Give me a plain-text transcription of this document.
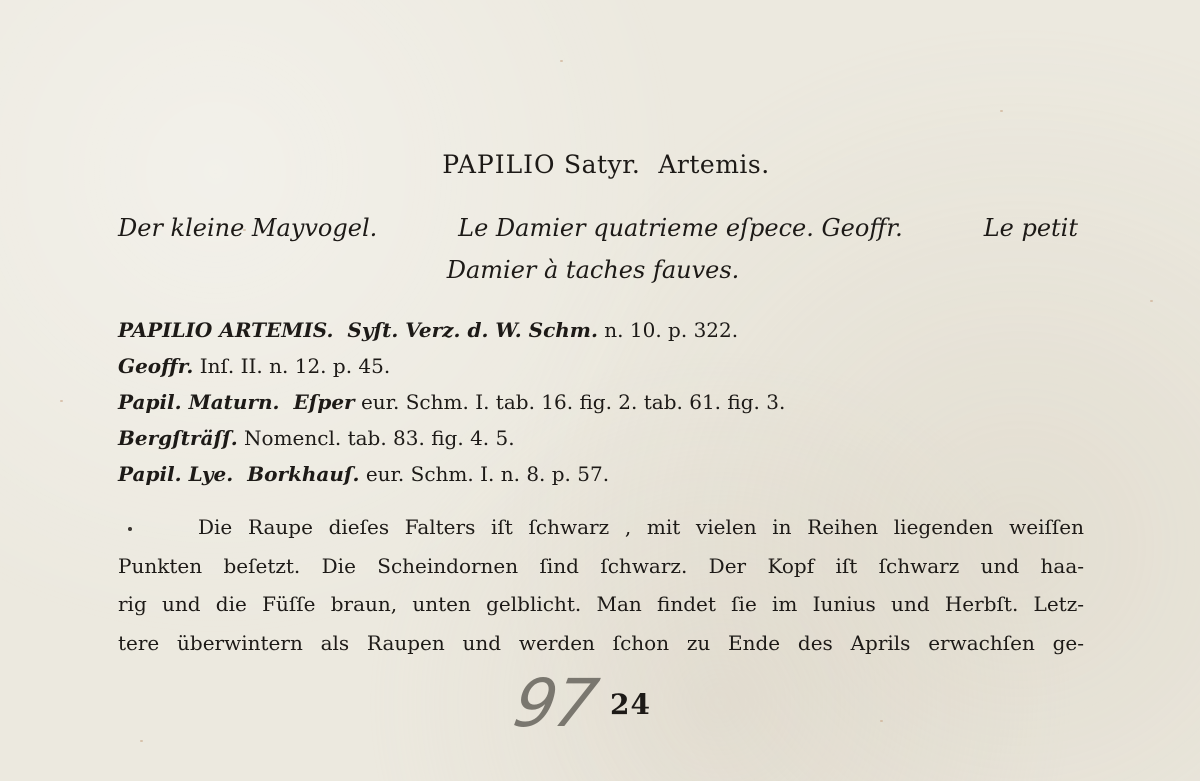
PAPILIO Satyr. Artemis.
Der kleine Mayvogel.	Le Damier quatrieme eſpece. Geoffr.	Le petit
Damier à taches fauves.
PAPILIO ARTEMIS. Syſt. Verz. d. W. Schm. n. 10. p. 322.
Geoffr. Inſ. II. n. 12. p. 45.
Papil. Maturn. Eſper eur. Schm. I. tab. 16. fig. 2. tab. 61. fig. 3.
Bergſträſſ. Nomencl. tab. 83. fig. 4. 5.
Papil. Lye. Borkhauſ. eur. Schm. I. n. 8. p. 57.
Die Raupe dieſes Falters iſt ſchwarz , mit vielen in Reihen liegenden weiſſen
Punkten beſetzt. Die Scheindornen ſind ſchwarz. Der Kopf iſt ſchwarz und haa-
rig und die Füſſe braun, unten gelblicht. Man findet ſie im Iunius und Herbſt. Letz-
tere überwintern als Raupen und werden ſchon zu Ende des Aprils erwachſen ge-
97 24
